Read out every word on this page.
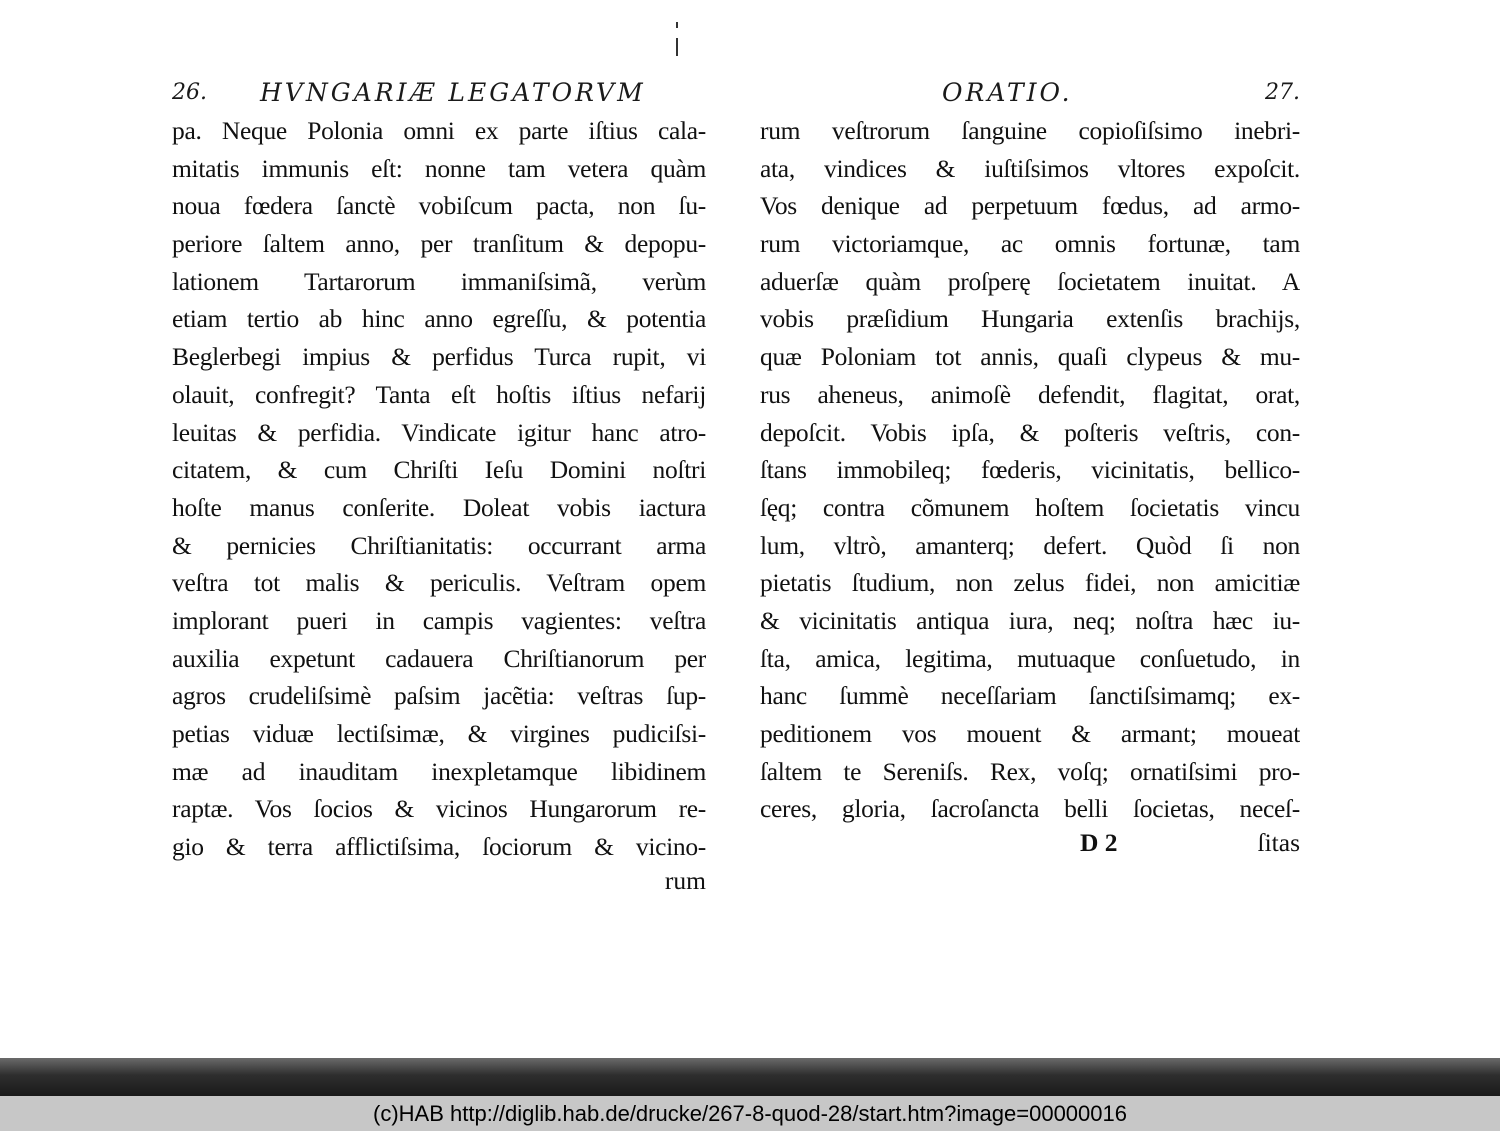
26. HVNGARIÆ LEGATORVM
pa. Neque Polonia omni ex parte iſtius cala-
mitatis immunis eſt: nonne tam vetera quàm
noua fœdera ſanctè vobiſcum pacta, non ſu-
periore ſaltem anno, per tranſitum & depopu-
lationem Tartarorum immaniſsimã, verùm
etiam tertio ab hinc anno egreſſu, & potentia
Beglerbegi impius & perfidus Turca rupit, vi
olauit, confregit? Tanta eſt hoſtis iſtius nefarij
leuitas & perfidia. Vindicate igitur hanc atro-
citatem, & cum Chriſti Ieſu Domini noſtri
hoſte manus conſerite. Doleat vobis iactura
& pernicies Chriſtianitatis: occurrant arma
veſtra tot malis & periculis. Veſtram opem
implorant pueri in campis vagientes: veſtra
auxilia expetunt cadauera Chriſtianorum per
agros crudeliſsimè paſsim jacẽtia: veſtras ſup-
petias viduæ lectiſsimæ, & virgines pudiciſsi-
mæ ad inauditam inexpletamque libidinem
raptæ. Vos ſocios & vicinos Hungarorum re-
gio & terra afflictiſsima, ſociorum & vicino-
rum
ORATIO.	27.
rum veſtrorum ſanguine copioſiſsimo inebri-
ata, vindices & iuſtiſsimos vltores expoſcit.
Vos denique ad perpetuum fœdus, ad armo-
rum victoriamque, ac omnis fortunæ, tam
aduerſæ quàm proſperę ſocietatem inuitat. A
vobis præſidium Hungaria extenſis brachijs,
quæ Poloniam tot annis, quaſi clypeus & mu-
rus aheneus, animoſè defendit, flagitat, orat,
depoſcit. Vobis ipſa, & poſteris veſtris, con-
ſtans immobileq; fœderis, vicinitatis, bellico-
ſęq; contra cõmunem hoſtem ſocietatis vincu
lum, vltrò, amanterq; defert. Quòd ſi non
pietatis ſtudium, non zelus fidei, non amicitiæ
& vicinitatis antiqua iura, neq; noſtra hæc iu-
ſta, amica, legitima, mutuaque conſuetudo, in
hanc ſummè neceſſariam ſanctiſsimamq; ex-
peditionem vos mouent & armant; moueat
ſaltem te Sereniſs. Rex, voſq; ornatiſsimi pro-
ceres, gloria, ſacroſancta belli ſocietas, neceſ-
D 2	ſitas
(c)HAB http://diglib.hab.de/drucke/267-8-quod-28/start.htm?image=00000016
